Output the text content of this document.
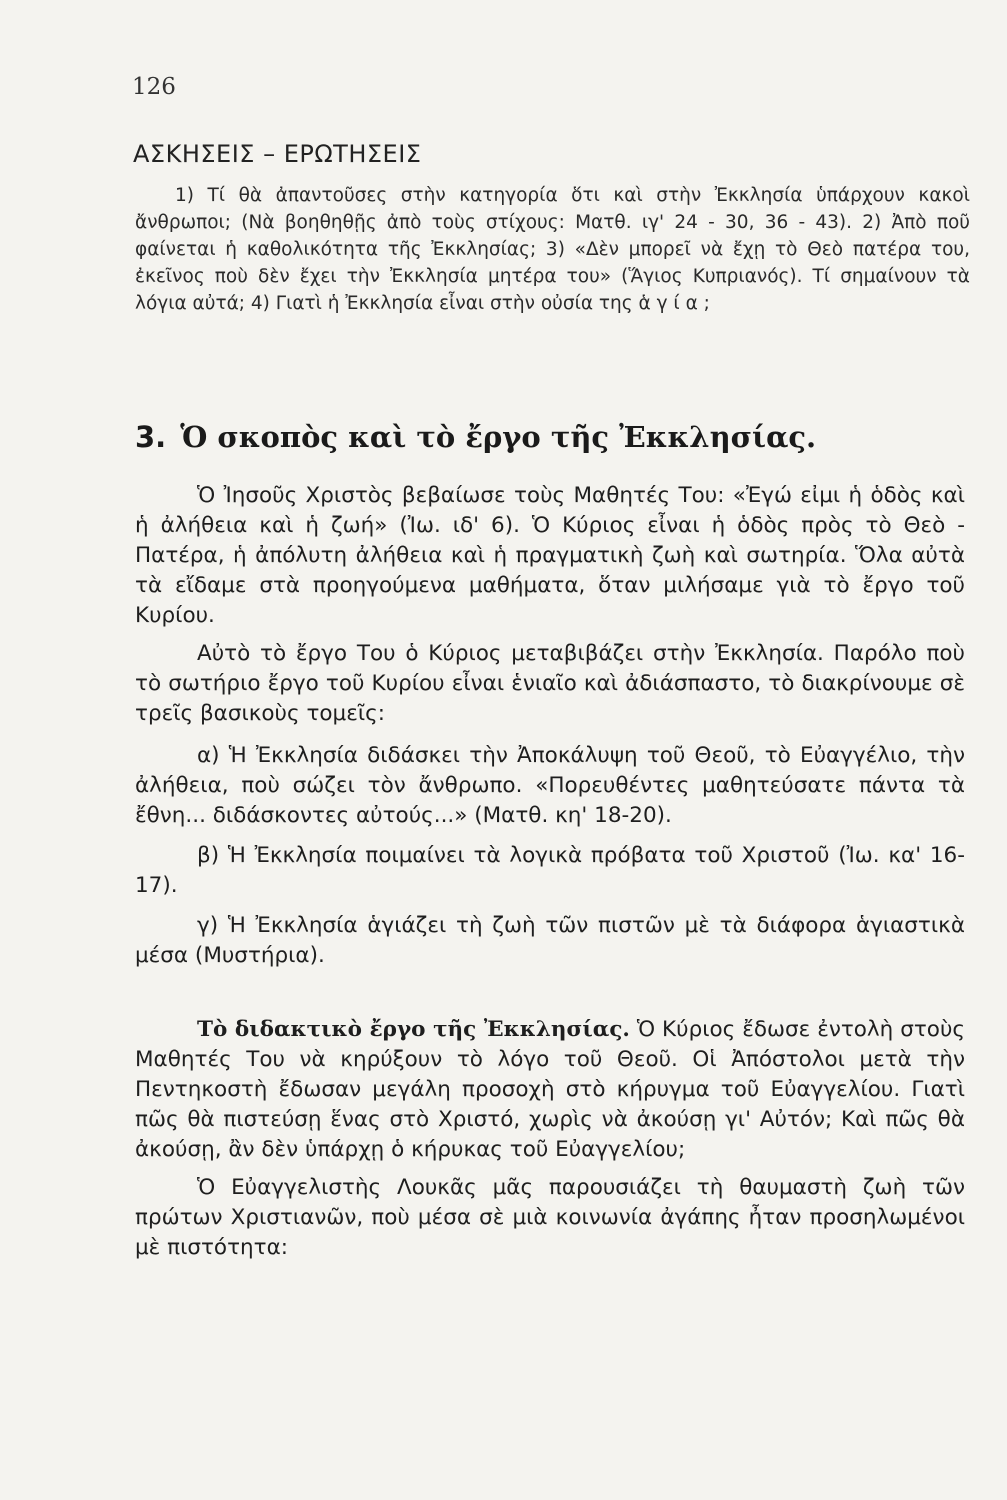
126
ΑΣΚΗΣΕΙΣ – ΕΡΩΤΗΣΕΙΣ

1) Τί θὰ ἀπαντοῦσες στὴν κατηγορία ὅτι καὶ στὴν Ἐκκλησία ὑπάρχουν κακοὶ ἄνθρωποι; (Νὰ βοηθηθῇς ἀπὸ τοὺς στίχους: Ματθ. ιγ' 24 - 30, 36 - 43). 2) Ἀπὸ ποῦ φαίνεται ἡ καθολικότητα τῆς Ἐκκλησίας; 3) «Δὲν μπορεῖ νὰ ἔχῃ τὸ Θεὸ πατέρα του, ἐκεῖνος ποὺ δὲν ἔχει τὴν Ἐκκλησία μητέρα του» (Ἅγιος Κυπριανός). Τί σημαίνουν τὰ λόγια αὐτά; 4) Γιατὶ ἡ Ἐκκλησία εἶναι στὴν οὐσία της ἁ γ ί α ;

3. Ὁ σκοπὸς καὶ τὸ ἔργο τῆς Ἐκκλησίας.

Ὁ Ἰησοῦς Χριστὸς βεβαίωσε τοὺς Μαθητές Του: «Ἐγώ εἰμι ἡ ὁδὸς καὶ ἡ ἀλήθεια καὶ ἡ ζωή» (Ἰω. ιδ' 6). Ὁ Κύριος εἶναι ἡ ὁδὸς πρὸς τὸ Θεὸ - Πατέρα, ἡ ἀπόλυτη ἀλήθεια καὶ ἡ πραγματικὴ ζωὴ καὶ σωτηρία. Ὅλα αὐτὰ τὰ εἴδαμε στὰ προηγούμενα μαθήματα, ὅταν μιλήσαμε γιὰ τὸ ἔργο τοῦ Κυρίου.

Αὐτὸ τὸ ἔργο Του ὁ Κύριος μεταβιβάζει στὴν Ἐκκλησία. Παρόλο ποὺ τὸ σωτήριο ἔργο τοῦ Κυρίου εἶναι ἑνιαῖο καὶ ἀδιάσπαστο, τὸ διακρίνουμε σὲ τρεῖς βασικοὺς τομεῖς:

α) Ἡ Ἐκκλησία διδάσκει τὴν Ἀποκάλυψη τοῦ Θεοῦ, τὸ Εὐαγγέλιο, τὴν ἀλήθεια, ποὺ σώζει τὸν ἄνθρωπο. «Πορευθέντες μαθητεύσατε πάντα τὰ ἔθνη... διδάσκοντες αὐτούς...» (Ματθ. κη' 18-20).

β) Ἡ Ἐκκλησία ποιμαίνει τὰ λογικὰ πρόβατα τοῦ Χριστοῦ (Ἰω. κα' 16-17).

γ) Ἡ Ἐκκλησία ἁγιάζει τὴ ζωὴ τῶν πιστῶν μὲ τὰ διάφορα ἁγιαστικὰ μέσα (Μυστήρια).

Τὸ διδακτικὸ ἔργο τῆς Ἐκκλησίας. Ὁ Κύριος ἔδωσε ἐντολὴ στοὺς Μαθητές Του νὰ κηρύξουν τὸ λόγο τοῦ Θεοῦ. Οἱ Ἀπόστολοι μετὰ τὴν Πεντηκοστὴ ἔδωσαν μεγάλη προσοχὴ στὸ κήρυγμα τοῦ Εὐαγγελίου. Γιατὶ πῶς θὰ πιστεύσῃ ἕνας στὸ Χριστό, χωρὶς νὰ ἀκούσῃ γι' Αὐτόν; Καὶ πῶς θὰ ἀκούσῃ, ἂν δὲν ὑπάρχῃ ὁ κήρυκας τοῦ Εὐαγγελίου;

Ὁ Εὐαγγελιστὴς Λουκᾶς μᾶς παρουσιάζει τὴ θαυμαστὴ ζωὴ τῶν πρώτων Χριστιανῶν, ποὺ μέσα σὲ μιὰ κοινωνία ἀγάπης ἦταν προσηλωμένοι μὲ πιστότητα:
